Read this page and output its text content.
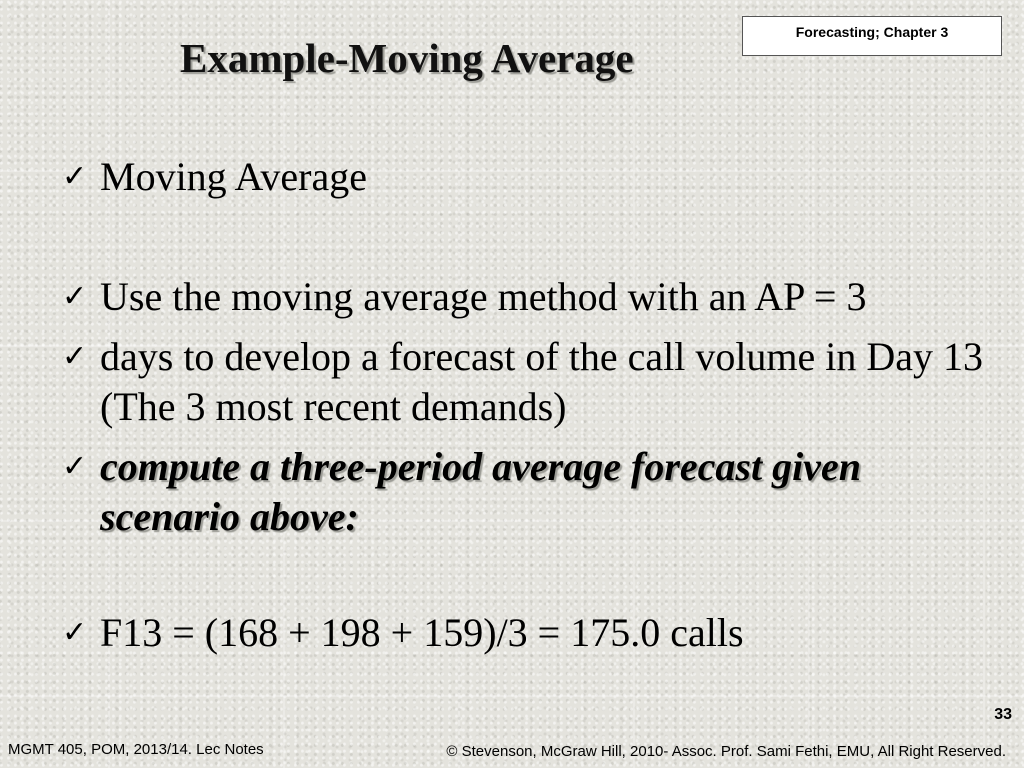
Forecasting; Chapter 3
Example-Moving Average
✓ Moving Average
✓ Use the moving average method with an AP = 3
✓ days to develop a forecast of the call volume in Day 13 (The 3 most recent demands)
✓ compute a three-period average forecast given scenario above:
✓ F13 = (168 + 198 + 159)/3 = 175.0 calls
33
MGMT 405, POM, 2013/14. Lec Notes	© Stevenson, McGraw Hill, 2010- Assoc. Prof. Sami Fethi, EMU, All Right Reserved.
